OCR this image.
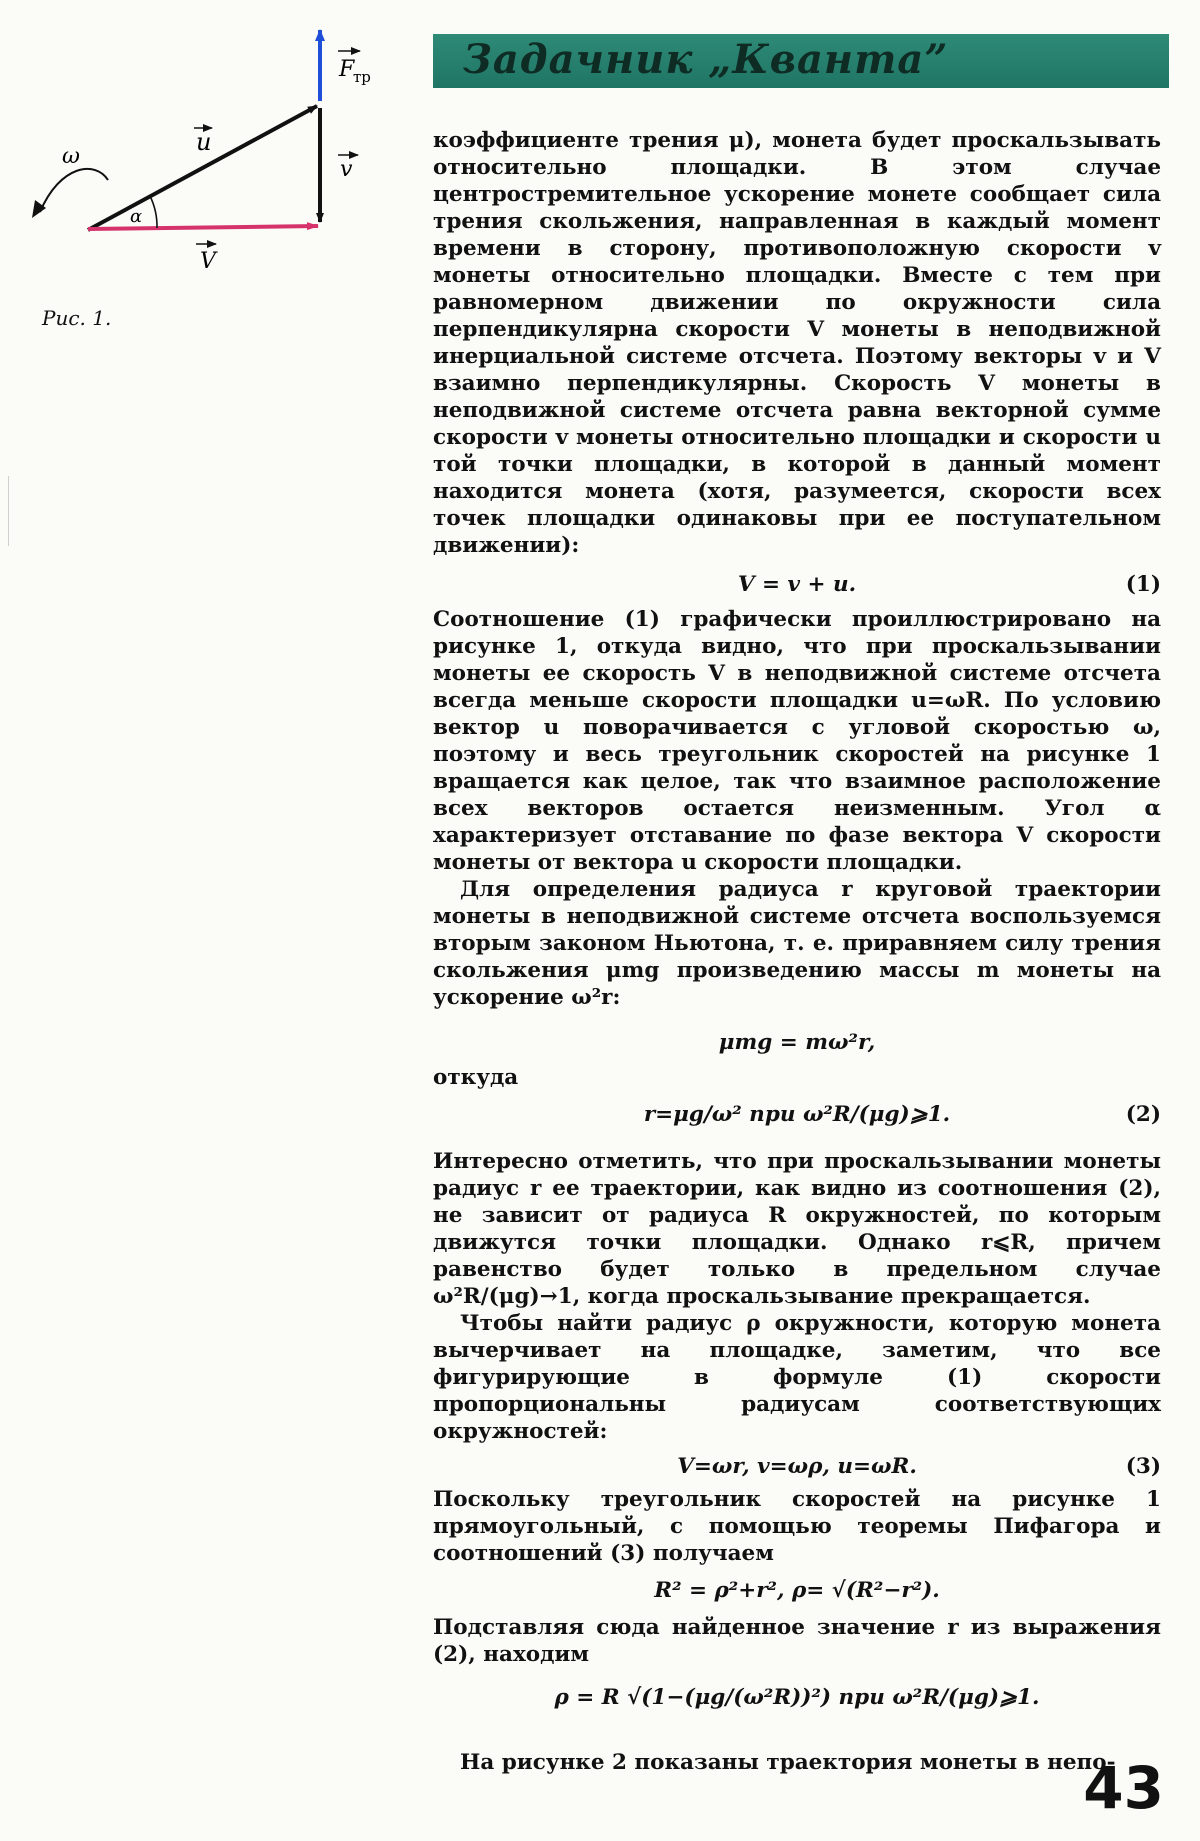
ω
α
u
V
v
F
тр
Рис. 1.
Задачник „Кванта”

коэффициенте трения μ), монета будет проскальзывать относительно площадки. В этом случае центростремительное ускорение монете сообщает сила трения скольжения, направленная в каждый момент времени в сторону, противоположную скорости v монеты относительно площадки. Вместе с тем при равномерном движении по окружности сила перпендикулярна скорости V монеты в неподвижной инерциальной системе отсчета. Поэтому векторы v и V взаимно перпендикулярны. Скорость V монеты в неподвижной системе отсчета равна векторной сумме скорости v монеты относительно площадки и скорости u той точки площадки, в которой в данный момент находится монета (хотя, разумеется, скорости всех точек площадки одинаковы при ее поступательном движении):

V = v + u.	(1)

Соотношение (1) графически проиллюстрировано на рисунке 1, откуда видно, что при проскальзывании монеты ее скорость V в неподвижной системе отсчета всегда меньше скорости площадки u=ωR. По условию вектор u поворачивается с угловой скоростью ω, поэтому и весь треугольник скоростей на рисунке 1 вращается как целое, так что взаимное расположение всех векторов остается неизменным. Угол α характеризует отставание по фазе вектора V скорости монеты от вектора u скорости площадки.

Для определения радиуса r круговой траектории монеты в неподвижной системе отсчета воспользуемся вторым законом Ньютона, т. е. приравняем силу трения скольжения μmg произведению массы m монеты на ускорение ω²r:

μmg = mω²r,

откуда

r=μg/ω² при ω²R/(μg)⩾1.	(2)

Интересно отметить, что при проскальзывании монеты радиус r ее траектории, как видно из соотношения (2), не зависит от радиуса R окружностей, по которым движутся точки площадки. Однако r⩽R, причем равенство будет только в предельном случае ω²R/(μg)→1, когда проскальзывание прекращается.

Чтобы найти радиус ρ окружности, которую монета вычерчивает на площадке, заметим, что все фигурирующие в формуле (1) скорости пропорциональны радиусам соответствующих окружностей:

V=ωr, v=ωρ, u=ωR.	(3)

Поскольку треугольник скоростей на рисунке 1 прямоугольный, с помощью теоремы Пифагора и соотношений (3) получаем

R² = ρ²+r², ρ= √(R²−r²).

Подставляя сюда найденное значение r из выражения (2), находим

ρ = R √(1−(μg/(ω²R))²) при ω²R/(μg)⩾1.

На рисунке 2 показаны траектория монеты в непо-

43
